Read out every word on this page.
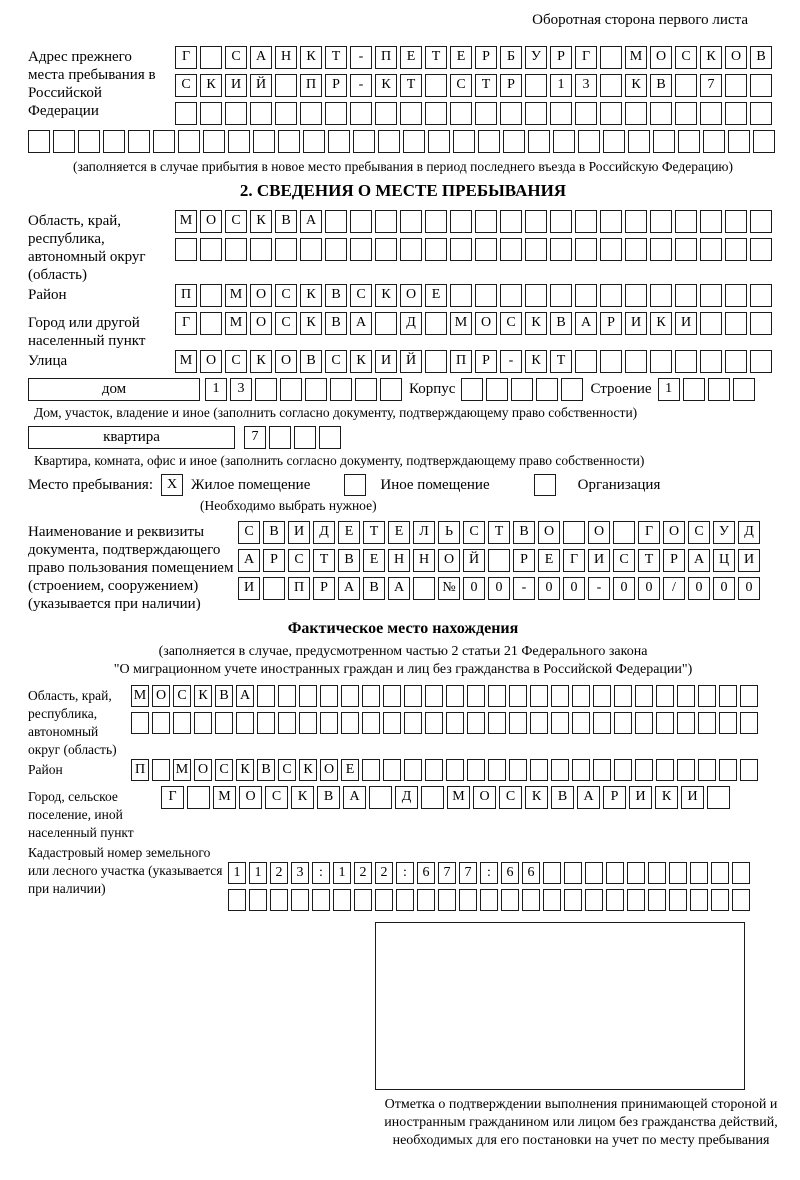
Оборотная сторона первого листа
Адрес прежнего места пребывания в Российской Федерации
Г	С	А	Н	К	Т	-	П	Е	Т	Е	Р	Б	У	Р	Г	М О	С	К	О	В
С	К	И	Й	П	Р	-	К	Т	С	Т	Р	1	3	К	В	7
(заполняется в случае прибытия в новое место пребывания в период последнего въезда в Российскую Федерацию)
2. СВЕДЕНИЯ О МЕСТЕ ПРЕБЫВАНИЯ
Область, край, республика, автономный округ (область)
М О	С	К	В	А
Район	П	М О	С	К	В	С	К	О	Е
Город или другой населенный пункт
Г	М О	С	К	В	А	Д	М О	С	К	В	А	Р	И	К	И
Улица	М О	С	К	О	В	С	К	И	Й	П	Р	-	К	Т
дом	1	3	Корпус	Строение 1
Дом, участок, владение и иное (заполнить согласно документу, подтверждающему право собственности)
квартира	7
Квартира, комната, офис и иное (заполнить согласно документу, подтверждающему право собственности)
Место пребывания: X Жилое помещение	Иное помещение	Организация
(Необходимо выбрать нужное)
Наименование и реквизиты документа, подтверждающего право пользования помещением (строением, сооружением) (указывается при наличии)
С	В	И	Д	Е	Т	Е	Л	Ь	С	Т	В	О	О	Г	О	С	У	Д
А	Р	С	Т	В	Е	Н	Н	О	Й	Р	Е	Г	И	С	Т	Р	А	Ц	И
И	П	Р	А	В	А	№	0	0	-	0	0	-	0	0	/	0	0	0
Фактическое место нахождения
(заполняется в случае, предусмотренном частью 2 статьи 21 Федерального закона
"О миграционном учете иностранных граждан и лиц без гражданства в Российской Федерации")
Область, край, республика, автономный округ (область)
М О С К В А
Район	П М О С К В С К О Е
Город, сельское поселение, иной населенный пункт
Г	М	О	С	К	В	А	Д	М	О	С	К	В	А	Р	И	К	И
Кадастровый номер земельного или лесного участка (указывается при наличии)
1	1	2	3	:	1	2	2	:	6	7	7	:	6	6
Отметка о подтверждении выполнения принимающей стороной и иностранным гражданином или лицом без гражданства действий, необходимых для его постановки на учет по месту пребывания
